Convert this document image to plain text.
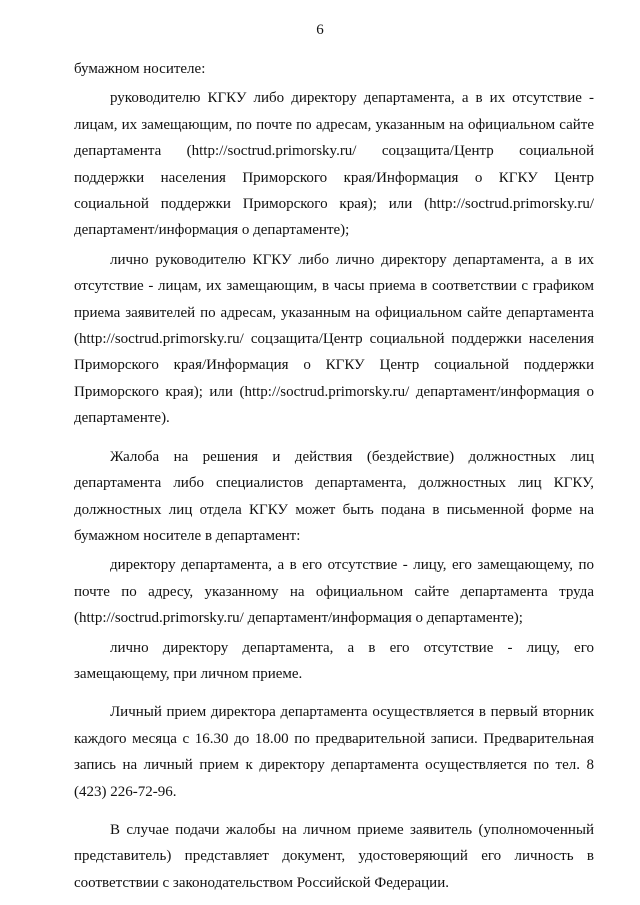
6

бумажном носителе:

руководителю КГКУ либо директору департамента, а в их отсутствие - лицам, их замещающим, по почте по адресам, указанным на официальном сайте департамента (http://soctrud.primorsky.ru/ соцзащита/Центр социальной поддержки населения Приморского края/Информация о КГКУ Центр социальной поддержки Приморского края); или (http://soctrud.primorsky.ru/ департамент/информация о департаменте);

лично руководителю КГКУ либо лично директору департамента, а в их отсутствие - лицам, их замещающим, в часы приема в соответствии с графиком приема заявителей по адресам, указанным на официальном сайте департамента (http://soctrud.primorsky.ru/ соцзащита/Центр социальной поддержки населения Приморского края/Информация о КГКУ Центр социальной поддержки Приморского края); или (http://soctrud.primorsky.ru/ департамент/информация о департаменте).

Жалоба на решения и действия (бездействие) должностных лиц департамента либо специалистов департамента, должностных лиц КГКУ, должностных лиц отдела КГКУ может быть подана в письменной форме на бумажном носителе в департамент:

директору департамента, а в его отсутствие - лицу, его замещающему, по почте по адресу, указанному на официальном сайте департамента труда (http://soctrud.primorsky.ru/ департамент/информация о департаменте);

лично директору департамента, а в его отсутствие - лицу, его замещающему, при личном приеме.

Личный прием директора департамента осуществляется в первый вторник каждого месяца с 16.30 до 18.00 по предварительной записи. Предварительная запись на личный прием к директору департамента осуществляется по тел. 8 (423) 226-72-96.

В случае подачи жалобы на личном приеме заявитель (уполномоченный представитель) представляет документ, удостоверяющий его личность в соответствии с законодательством Российской Федерации.
